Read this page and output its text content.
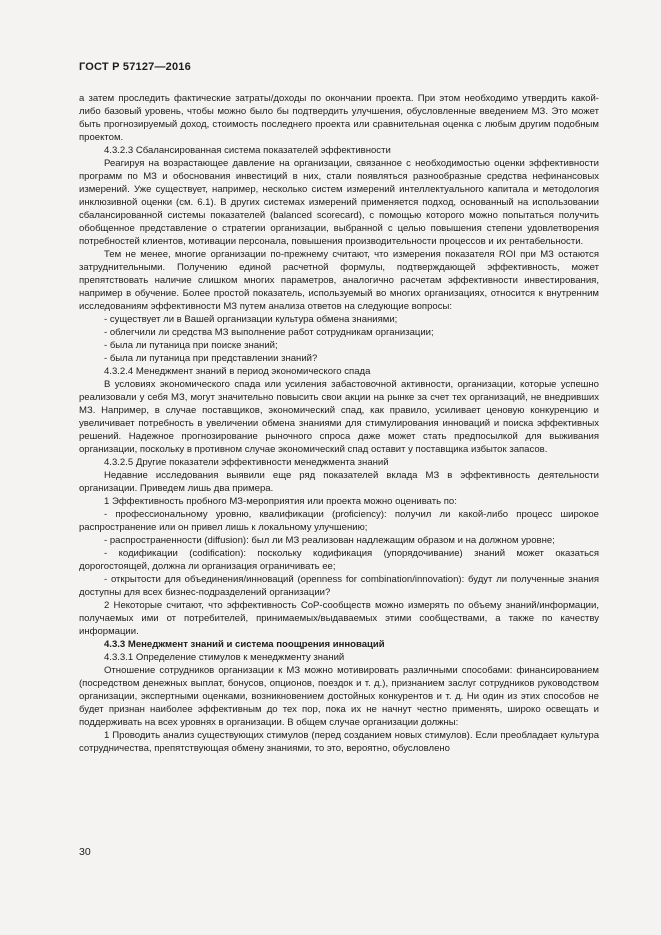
ГОСТ Р 57127—2016

а затем проследить фактические затраты/доходы по окончании проекта. При этом необходимо утвердить какой-либо базовый уровень, чтобы можно было бы подтвердить улучшения, обусловленные введением МЗ. Это может быть прогнозируемый доход, стоимость последнего проекта или сравнительная оценка с любым другим подобным проектом.

4.3.2.3 Сбалансированная система показателей эффективности

Реагируя на возрастающее давление на организации, связанное с необходимостью оценки эффективности программ по МЗ и обоснования инвестиций в них, стали появляться разнообразные средства нефинансовых измерений. Уже существует, например, несколько систем измерений интеллектуального капитала и методология инклюзивной оценки (см. 6.1). В других системах измерений применяется подход, основанный на использовании сбалансированной системы показателей (balanced scorecard), с помощью которого можно попытаться получить обобщенное представление о стратегии организации, выбранной с целью повышения степени удовлетворения потребностей клиентов, мотивации персонала, повышения производительности процессов и их рентабельности.

Тем не менее, многие организации по-прежнему считают, что измерения показателя ROI при МЗ остаются затруднительными. Получению единой расчетной формулы, подтверждающей эффективность, может препятствовать наличие слишком многих параметров, аналогично расчетам эффективности инвестирования, например в обучение. Более простой показатель, используемый во многих организациях, относится к внутренним исследованиям эффективности МЗ путем анализа ответов на следующие вопросы:

- существует ли в Вашей организации культура обмена знаниями;

- облегчили ли средства МЗ выполнение работ сотрудникам организации;

- была ли путаница при поиске знаний;

- была ли путаница при представлении знаний?

4.3.2.4 Менеджмент знаний в период экономического спада

В условиях экономического спада или усиления забастовочной активности, организации, которые успешно реализовали у себя МЗ, могут значительно повысить свои акции на рынке за счет тех организаций, не внедривших МЗ. Например, в случае поставщиков, экономический спад, как правило, усиливает ценовую конкуренцию и увеличивает потребность в увеличении обмена знаниями для стимулирования инноваций и поиска эффективных решений. Надежное прогнозирование рыночного спроса даже может стать предпосылкой для выживания организации, поскольку в противном случае экономический спад оставит у поставщика избыток запасов.

4.3.2.5 Другие показатели эффективности менеджмента знаний

Недавние исследования выявили еще ряд показателей вклада МЗ в эффективность деятельности организации. Приведем лишь два примера.

1 Эффективность пробного МЗ-мероприятия или проекта можно оценивать по:

- профессиональному уровню, квалификации (proficiency): получил ли какой-либо процесс широкое распространение или он привел лишь к локальному улучшению;

- распространенности (diffusion): был ли МЗ реализован надлежащим образом и на должном уровне;

- кодификации (codification): поскольку кодификация (упорядочивание) знаний может оказаться дорогостоящей, должна ли организация ограничивать ее;

- открытости для объединения/инноваций (openness for combination/innovation): будут ли полученные знания доступны для всех бизнес-подразделений организации?

2 Некоторые считают, что эффективность CoP-сообществ можно измерять по объему знаний/информации, получаемых ими от потребителей, принимаемых/выдаваемых этими сообществами, а также по качеству информации.

4.3.3 Менеджмент знаний и система поощрения инноваций

4.3.3.1 Определение стимулов к менеджменту знаний

Отношение сотрудников организации к МЗ можно мотивировать различными способами: финансированием (посредством денежных выплат, бонусов, опционов, поездок и т. д.), признанием заслуг сотрудников руководством организации, экспертными оценками, возникновением достойных конкурентов и т. д. Ни один из этих способов не будет признан наиболее эффективным до тех пор, пока их не начнут честно применять, широко освещать и поддерживать на всех уровнях в организации. В общем случае организации должны:

1 Проводить анализ существующих стимулов (перед созданием новых стимулов). Если преобладает культура сотрудничества, препятствующая обмену знаниями, то это, вероятно, обусловлено

30
